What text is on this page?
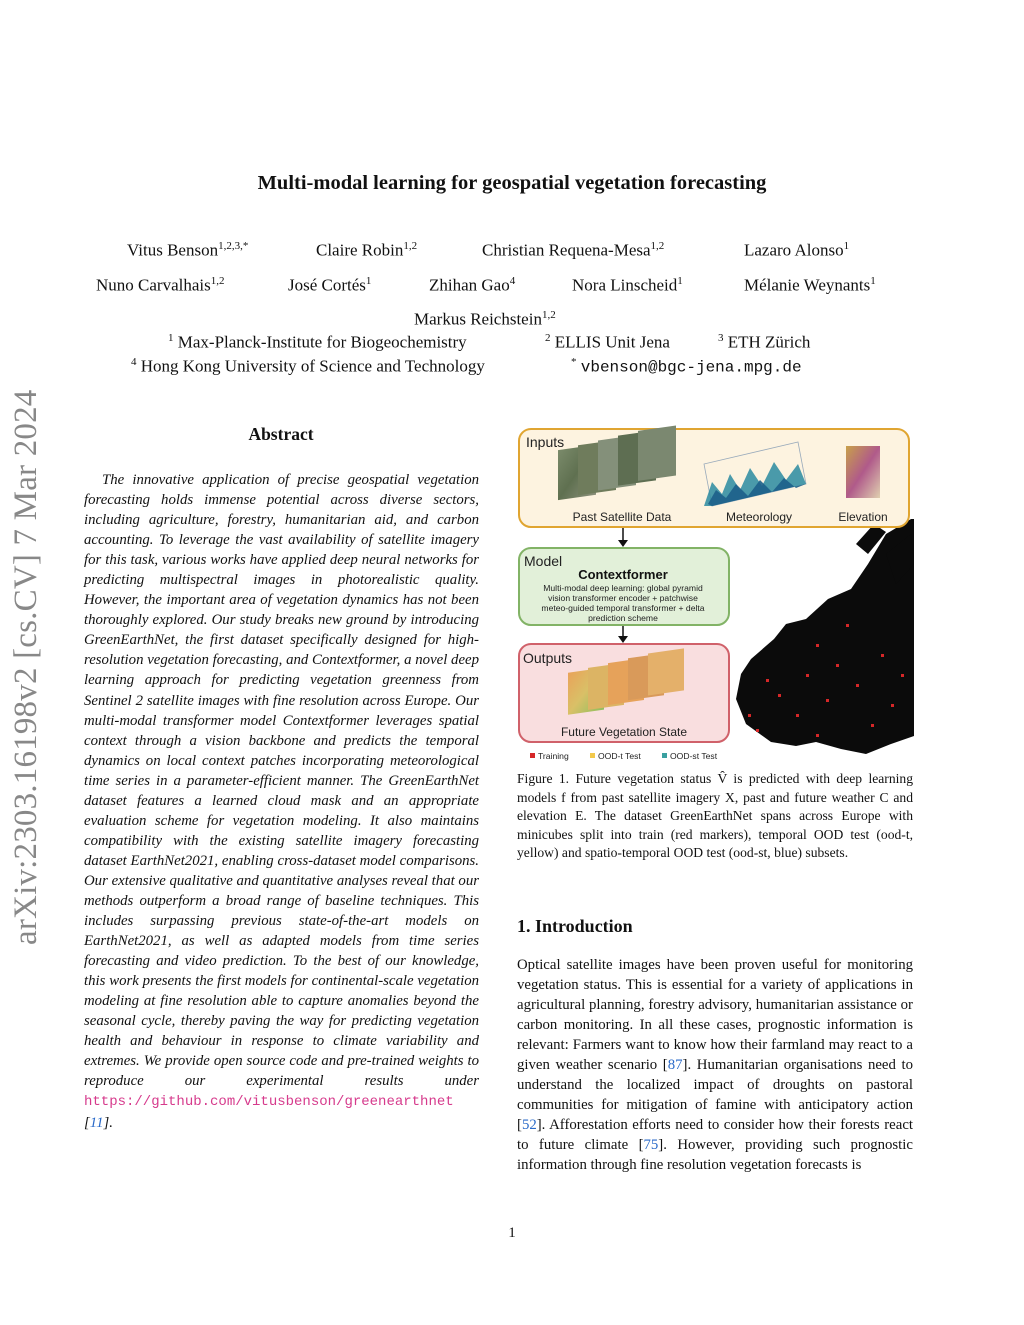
arXiv:2303.16198v2 [cs.CV] 7 Mar 2024
Multi-modal learning for geospatial vegetation forecasting
Vitus Benson$^{1,2,3,*}$	Claire Robin$^{1,2}$	Christian Requena-Mesa$^{1,2}$	Lazaro Alonso$^1$
Nuno Carvalhais$^{1,2}$	José Cortés$^1$	Zhihan Gao$^4$	Nora Linscheid$^1$	Mélanie Weynants$^1$
Markus Reichstein$^{1,2}$
$^1$ Max-Planck-Institute for Biogeochemistry	$^2$ ELLIS Unit Jena	$^3$ ETH Zürich
$^4$ Hong Kong University of Science and Technology	* vbenson@bgc-jena.mpg.de
Abstract
The innovative application of precise geospatial vegetation forecasting holds immense potential across diverse sectors, including agriculture, forestry, humanitarian aid, and carbon accounting. To leverage the vast availability of satellite imagery for this task, various works have applied deep neural networks for predicting multispectral images in photorealistic quality. However, the important area of vegetation dynamics has not been thoroughly explored. Our study breaks new ground by introducing GreenEarthNet, the first dataset specifically designed for high-resolution vegetation forecasting, and Contextformer, a novel deep learning approach for predicting vegetation greenness from Sentinel 2 satellite images with fine resolution across Europe. Our multi-modal transformer model Contextformer leverages spatial context through a vision backbone and predicts the temporal dynamics on local context patches incorporating meteorological time series in a parameter-efficient manner. The GreenEarthNet dataset features a learned cloud mask and an appropriate evaluation scheme for vegetation modeling. It also maintains compatibility with the existing satellite imagery forecasting dataset EarthNet2021, enabling cross-dataset model comparisons. Our extensive qualitative and quantitative analyses reveal that our methods outperform a broad range of baseline techniques. This includes surpassing previous state-of-the-art models on EarthNet2021, as well as adapted models from time series forecasting and video prediction. To the best of our knowledge, this work presents the first models for continental-scale vegetation modeling at fine resolution able to capture anomalies beyond the seasonal cycle, thereby paving the way for predicting vegetation health and behaviour in response to climate variability and extremes. We provide open source code and pre-trained weights to reproduce our experimental results under https://github.com/vitusbenson/greenearthnet [11].
Inputs
Past Satellite Data	Meteorology	Elevation
Model
Contextformer
Multi-modal deep learning: global pyramid
vision transformer encoder + patchwise
meteo-guided temporal transformer + delta
prediction scheme
Outputs
Future Vegetation State
Training	OOD-t Test	OOD-st Test
Figure 1. Future vegetation status V̂ is predicted with deep learning models f from past satellite imagery X, past and future weather C and elevation E. The dataset GreenEarthNet spans across Europe with minicubes split into train (red markers), temporal OOD test (ood-t, yellow) and spatio-temporal OOD test (ood-st, blue) subsets.
1. Introduction
Optical satellite images have been proven useful for monitoring vegetation status. This is essential for a variety of applications in agricultural planning, forestry advisory, humanitarian assistance or carbon monitoring. In all these cases, prognostic information is relevant: Farmers want to know how their farmland may react to a given weather scenario [87]. Humanitarian organisations need to understand the localized impact of droughts on pastoral communities for mitigation of famine with anticipatory action [52]. Afforestation efforts need to consider how their forests react to future climate [75]. However, providing such prognostic information through fine resolution vegetation forecasts is
1
